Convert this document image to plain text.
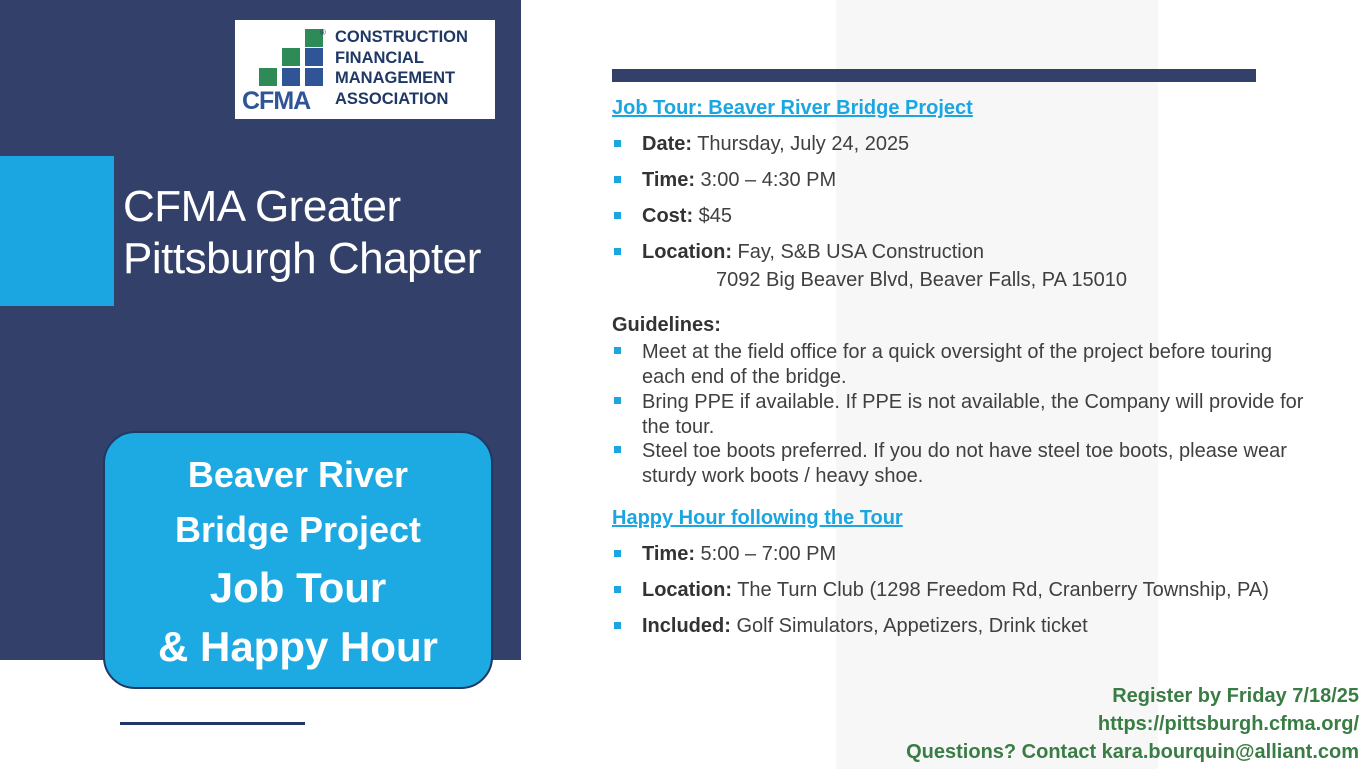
CFMA
® CONSTRUCTION
FINANCIAL
MANAGEMENT
ASSOCIATION
CFMA Greater
Pittsburgh Chapter
Beaver River
Bridge Project
Job Tour
& Happy Hour
Job Tour: Beaver River Bridge Project
Date: Thursday, July 24, 2025
Time: 3:00 – 4:30 PM
Cost: $45
Location: Fay, S&B USA Construction
7092 Big Beaver Blvd, Beaver Falls, PA 15010
Guidelines:
Meet at the field office for a quick oversight of the project before touring
each end of the bridge.
Bring PPE if available. If PPE is not available, the Company will provide for
the tour.
Steel toe boots preferred. If you do not have steel toe boots, please wear
sturdy work boots / heavy shoe.
Happy Hour following the Tour
Time: 5:00 – 7:00 PM
Location: The Turn Club (1298 Freedom Rd, Cranberry Township, PA)
Included: Golf Simulators, Appetizers, Drink ticket
Register by Friday 7/18/25
https://pittsburgh.cfma.org/
Questions? Contact kara.bourquin@alliant.com
